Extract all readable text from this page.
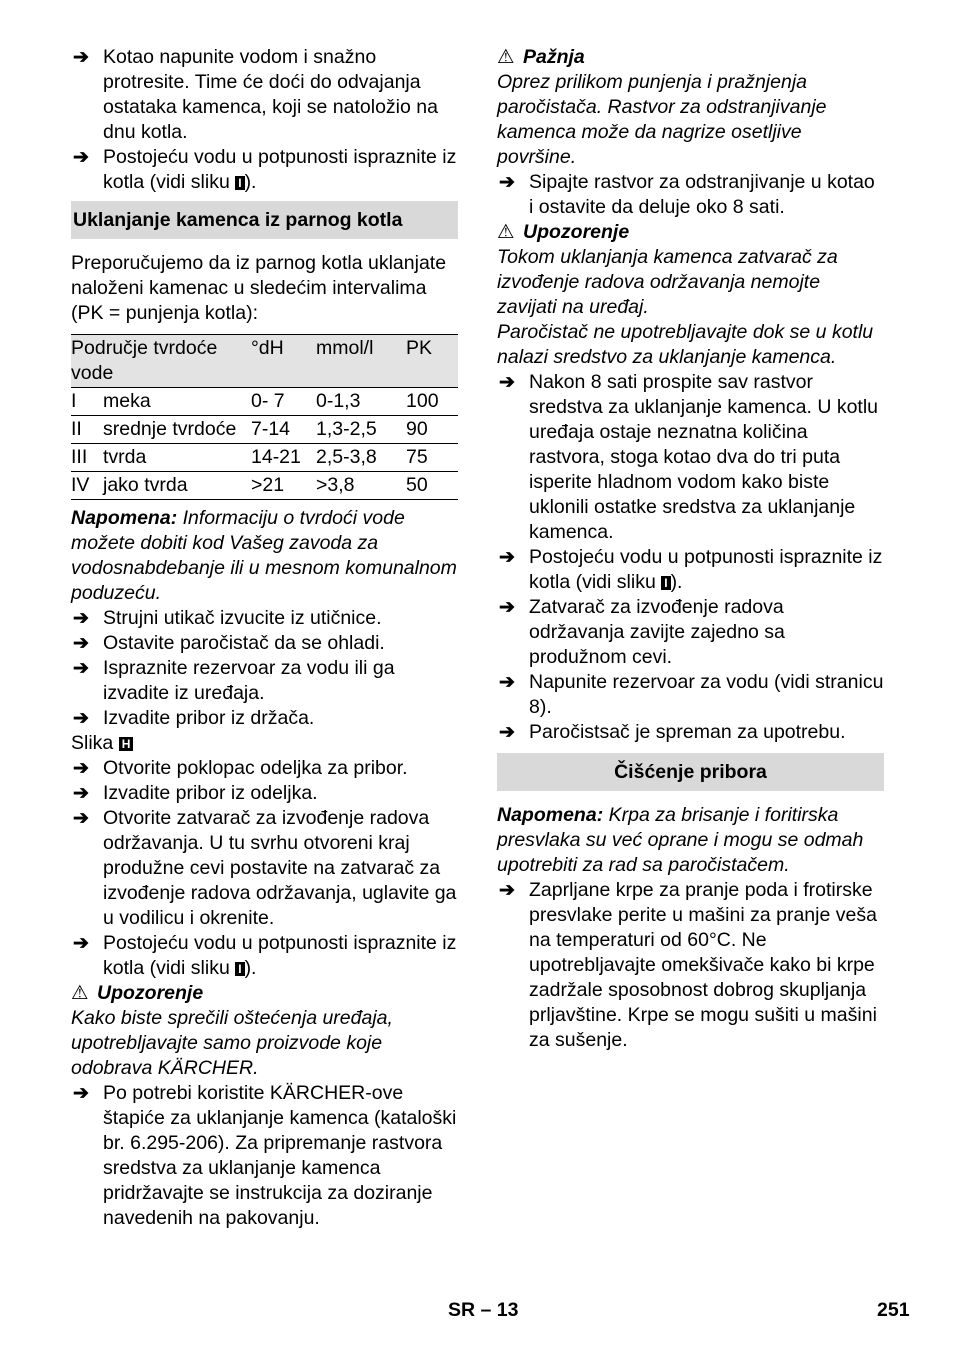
➔ Kotao napunite vodom i snažno protresite. Time će doći do odvajanja ostataka kamenca, koji se natoložio na dnu kotla.
➔ Postojeću vodu u potpunosti ispraznite iz kotla (vidi sliku I ).
Uklanjanje kamenca iz parnog kotla
Preporučujemo da iz parnog kotla uklanjate naloženi kamenac u sledećim intervalima (PK = punjenja kotla):
Područje tvrdoće vode		°dH	mmol/l	PK
I	meka	0- 7	0-1,3	100
II	srednje tvrdoće	7-14	1,3-2,5	90
III	tvrda	14-21	2,5-3,8	75
IV	jako tvrda	>21	>3,8	50
Napomena: Informaciju o tvrdoći vode možete dobiti kod Vašeg zavoda za vodosnabdebanje ili u mesnom komunalnom poduzeću.
➔ Strujni utikač izvucite iz utičnice.
➔ Ostavite paročistač da se ohladi.
➔ Ispraznite rezervoar za vodu ili ga izvadite iz uređaja.
➔ Izvadite pribor iz držača.
Slika H
➔ Otvorite poklopac odeljka za pribor.
➔ Izvadite pribor iz odeljka.
➔ Otvorite zatvarač za izvođenje radova održavanja. U tu svrhu otvoreni kraj produžne cevi postavite na zatvarač za izvođenje radova održavanja, uglavite ga u vodilicu i okrenite.
➔ Postojeću vodu u potpunosti ispraznite iz kotla (vidi sliku I ).
⚠ Upozorenje
Kako biste sprečili oštećenja uređaja, upotrebljavajte samo proizvode koje odobrava KÄRCHER.
➔ Po potrebi koristite KÄRCHER-ove štapiće za uklanjanje kamenca (kataloški br. 6.295-206). Za pripremanje rastvora sredstva za uklanjanje kamenca pridržavajte se instrukcija za doziranje navedenih na pakovanju.
⚠ Pažnja
Oprez prilikom punjenja i pražnjenja paročistača. Rastvor za odstranjivanje kamenca može da nagrize osetljive površine.
➔ Sipajte rastvor za odstranjivanje u kotao i ostavite da deluje oko 8 sati.
⚠ Upozorenje
Tokom uklanjanja kamenca zatvarač za izvođenje radova održavanja nemojte zavijati na uređaj.
Paročistač ne upotrebljavajte dok se u kotlu nalazi sredstvo za uklanjanje kamenca.
➔ Nakon 8 sati prospite sav rastvor sredstva za uklanjanje kamenca. U kotlu uređaja ostaje neznatna količina rastvora, stoga kotao dva do tri puta isperite hladnom vodom kako biste uklonili ostatke sredstva za uklanjanje kamenca.
➔ Postojeću vodu u potpunosti ispraznite iz kotla (vidi sliku I ).
➔ Zatvarač za izvođenje radova održavanja zavijte zajedno sa produžnom cevi.
➔ Napunite rezervoar za vodu (vidi stranicu 8).
➔ Paročistsač je spreman za upotrebu.
Čišćenje pribora
Napomena: Krpa za brisanje i foritirska presvlaka su već oprane i mogu se odmah upotrebiti za rad sa paročistačem.
➔ Zaprljane krpe za pranje poda i frotirske presvlake perite u mašini za pranje veša na temperaturi od 60°C. Ne upotrebljavajte omekšivače kako bi krpe zadržale sposobnost dobrog skupljanja prljavštine. Krpe se mogu sušiti u mašini za sušenje.
SR – 13	251
